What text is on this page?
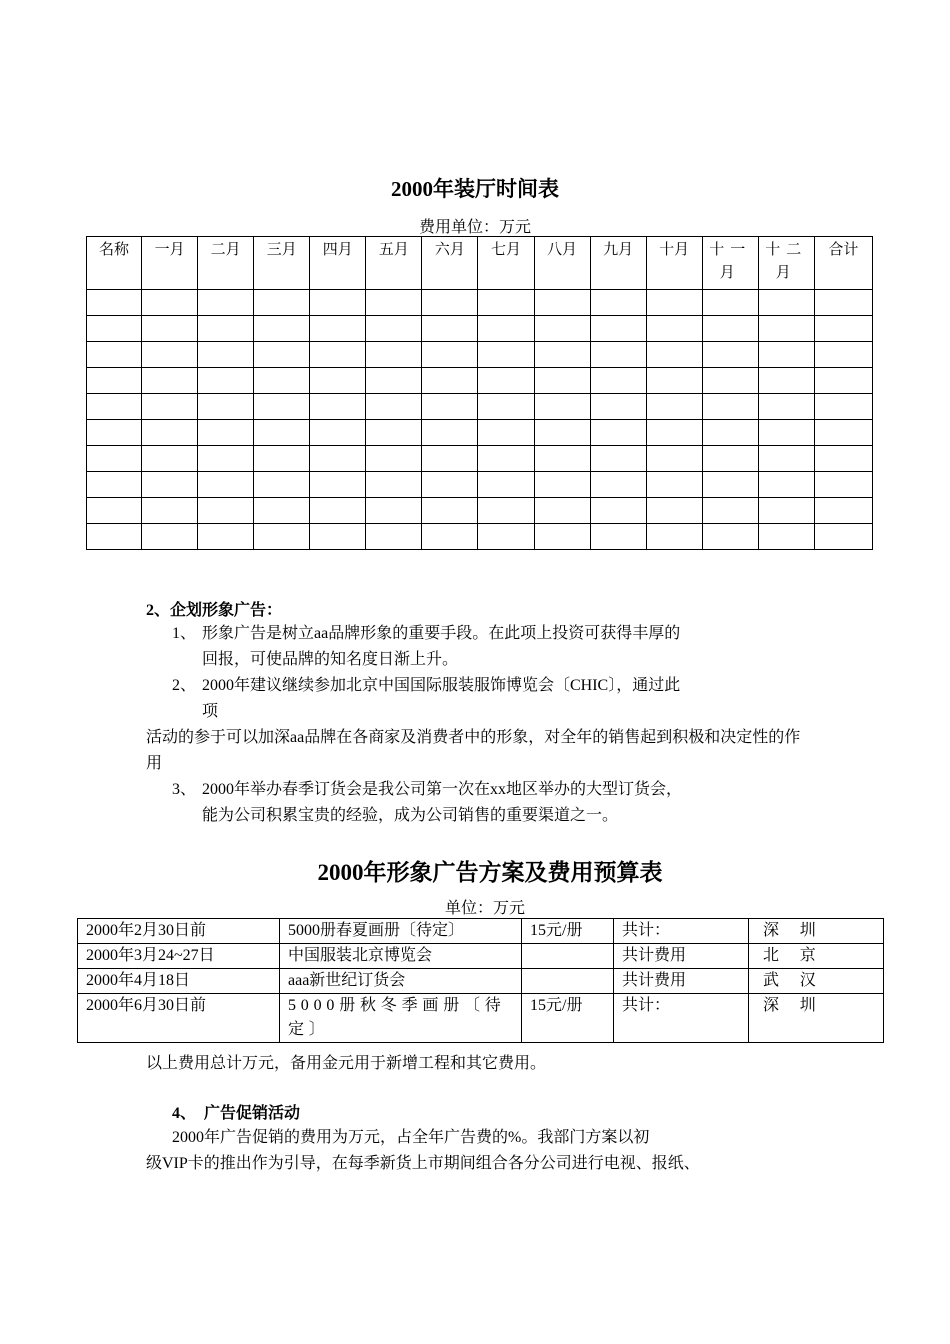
2000年装厅时间表
费用单位：万元
名称	一月	二月	三月	四月	五月	六月	七月	八月	九月	十月	十一月	十二月	合计

2、企划形象广告：
1、 形象广告是树立aa品牌形象的重要手段。在此项上投资可获得丰厚的
回报，可使品牌的知名度日渐上升。
2、 2000年建议继续参加北京中国国际服装服饰博览会〔CHIC〕，通过此
项
活动的参于可以加深aa品牌在各商家及消费者中的形象，对全年的销售起到积极和决定性的作用
3、 2000年举办春季订货会是我公司第一次在xx地区举办的大型订货会，
能为公司积累宝贵的经验，成为公司销售的重要渠道之一。
2000年形象广告方案及费用预算表
单位：万元
2000年2月30日前	5000册春夏画册〔待定〕	15元/册	共计：	深圳
2000年3月24~27日	中国服装北京博览会		共计费用	北京
2000年4月18日	aaa新世纪订货会		共计费用	武汉
2000年6月30日前	5000册秋冬季画册〔待定〕	15元/册	共计：	深圳
以上费用总计万元，备用金元用于新增工程和其它费用。
4、　广告促销活动
2000年广告促销的费用为万元，占全年广告费的%。我部门方案以初
级VIP卡的推出作为引导，在每季新货上市期间组合各分公司进行电视、报纸、
